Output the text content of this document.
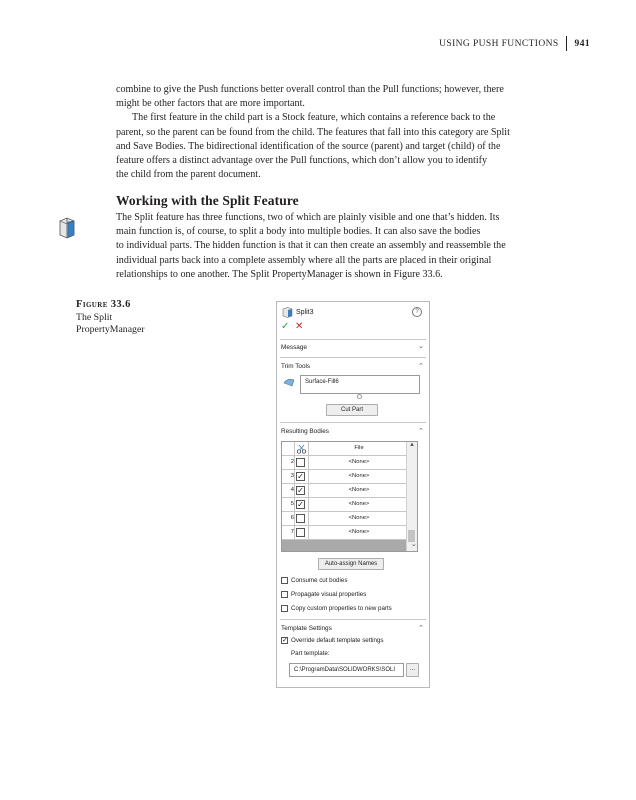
USING PUSH FUNCTIONS	941

combine to give the Push functions better overall control than the Pull functions; however, there

might be other factors that are more important.

The first feature in the child part is a Stock feature, which contains a reference back to the

parent, so the parent can be found from the child. The features that fall into this category are Split

and Save Bodies. The bidirectional identification of the source (parent) and target (child) of the

feature offers a distinct advantage over the Pull functions, which don’t allow you to identify

the child from the parent document.

Working with the Split Feature

The Split feature has three functions, two of which are plainly visible and one that’s hidden. Its

main function is, of course, to split a body into multiple bodies. It can also save the bodies

to individual parts. The hidden function is that it can then create an assembly and reassemble the

individual parts back into a complete assembly where all the parts are placed in their original

relationships to one another. The Split PropertyManager is shown in Figure 33.6.

Figure 33.6
The Split
PropertyManager
Split3	?
✓ ✕
Message	⌄
Trim Tools	⌃
Surface-Fill6
Cut Part
Resulting Bodies	⌃
File
2	<None>
3 ✓	<None>
4 ✓	<None>
5 ✓	<None>
6	<None>
7	<None>
▲
⌄
Auto-assign Names
Consume cut bodies
Propagate visual properties
Copy custom properties to new parts
Template Settings	⌃
✓ Override default template settings
Part template:
C:\ProgramData\SOLIDWORKS\SOLI	...
